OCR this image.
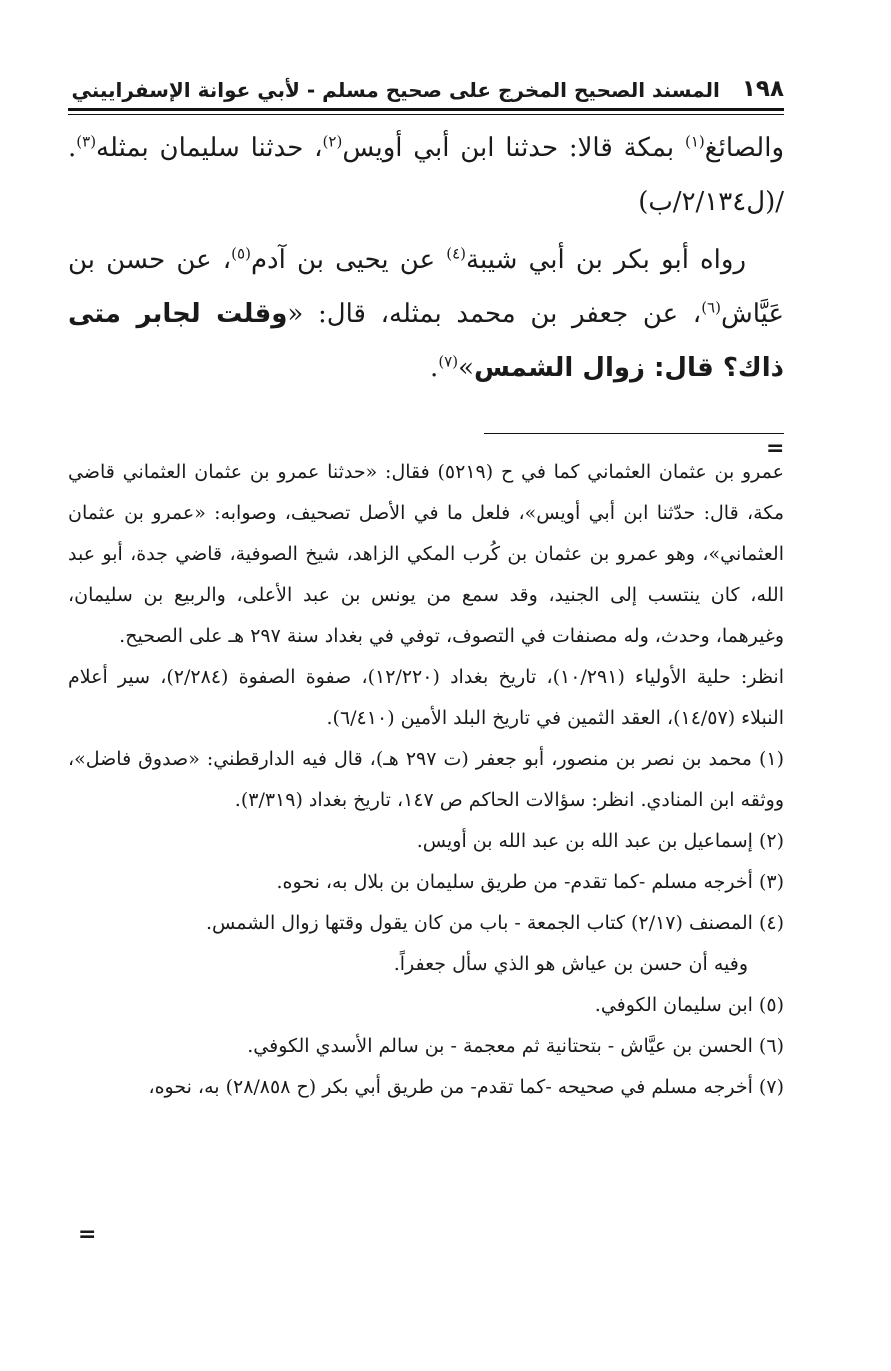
١٩٨
المسند الصحيح المخرج على صحيح مسلم - لأبي عوانة الإسفراييني

والصائغ$^{(١)}$ بمكة قالا: حدثنا ابن أبي أويس$^{(٢)}$، حدثنا سليمان بمثله$^{(٣)}$. /(ل٢/١٣٤/ب)

رواه أبو بكر بن أبي شيبة$^{(٤)}$ عن يحيى بن آدم$^{(٥)}$، عن حسن بن عَيَّاش$^{(٦)}$، عن جعفر بن محمد بمثله، قال: «وقلت لجابر متى ذاك؟ قال: زوال الشمس»$^{(٧)}$.

عمرو بن عثمان العثماني كما في ح (٥٢١٩) فقال: «حدثنا عمرو بن عثمان العثماني قاضي مكة، قال: حدّثنا ابن أبي أويس»، فلعل ما في الأصل تصحيف، وصوابه: «عمرو بن عثمان العثماني»، وهو عمرو بن عثمان بن كُرب المكي الزاهد، شيخ الصوفية، قاضي جدة، أبو عبد الله، كان ينتسب إلى الجنيد، وقد سمع من يونس بن عبد الأعلى، والربيع بن سليمان، وغيرهما، وحدث، وله مصنفات في التصوف، توفي في بغداد سنة ٢٩٧ هـ على الصحيح.

انظر: حلية الأولياء (١٠/٢٩١)، تاريخ بغداد (١٢/٢٢٠)، صفوة الصفوة (٢/٢٨٤)، سير أعلام النبلاء (١٤/٥٧)، العقد الثمين في تاريخ البلد الأمين (٦/٤١٠).

(١) محمد بن نصر بن منصور، أبو جعفر (ت ٢٩٧ هـ)، قال فيه الدارقطني: «صدوق فاضل»، ووثقه ابن المنادي. انظر: سؤالات الحاكم ص ١٤٧، تاريخ بغداد (٣/٣١٩).

(٢) إسماعيل بن عبد الله بن عبد الله بن أويس.

(٣) أخرجه مسلم -كما تقدم- من طريق سليمان بن بلال به، نحوه.

(٤) المصنف (٢/١٧) كتاب الجمعة - باب من كان يقول وقتها زوال الشمس.

وفيه أن حسن بن عياش هو الذي سأل جعفراً.

(٥) ابن سليمان الكوفي.

(٦) الحسن بن عيَّاش - بتحتانية ثم معجمة - بن سالم الأسدي الكوفي.

(٧) أخرجه مسلم في صحيحه -كما تقدم- من طريق أبي بكر (ح ٢٨/٨٥٨) به، نحوه،

=
=
